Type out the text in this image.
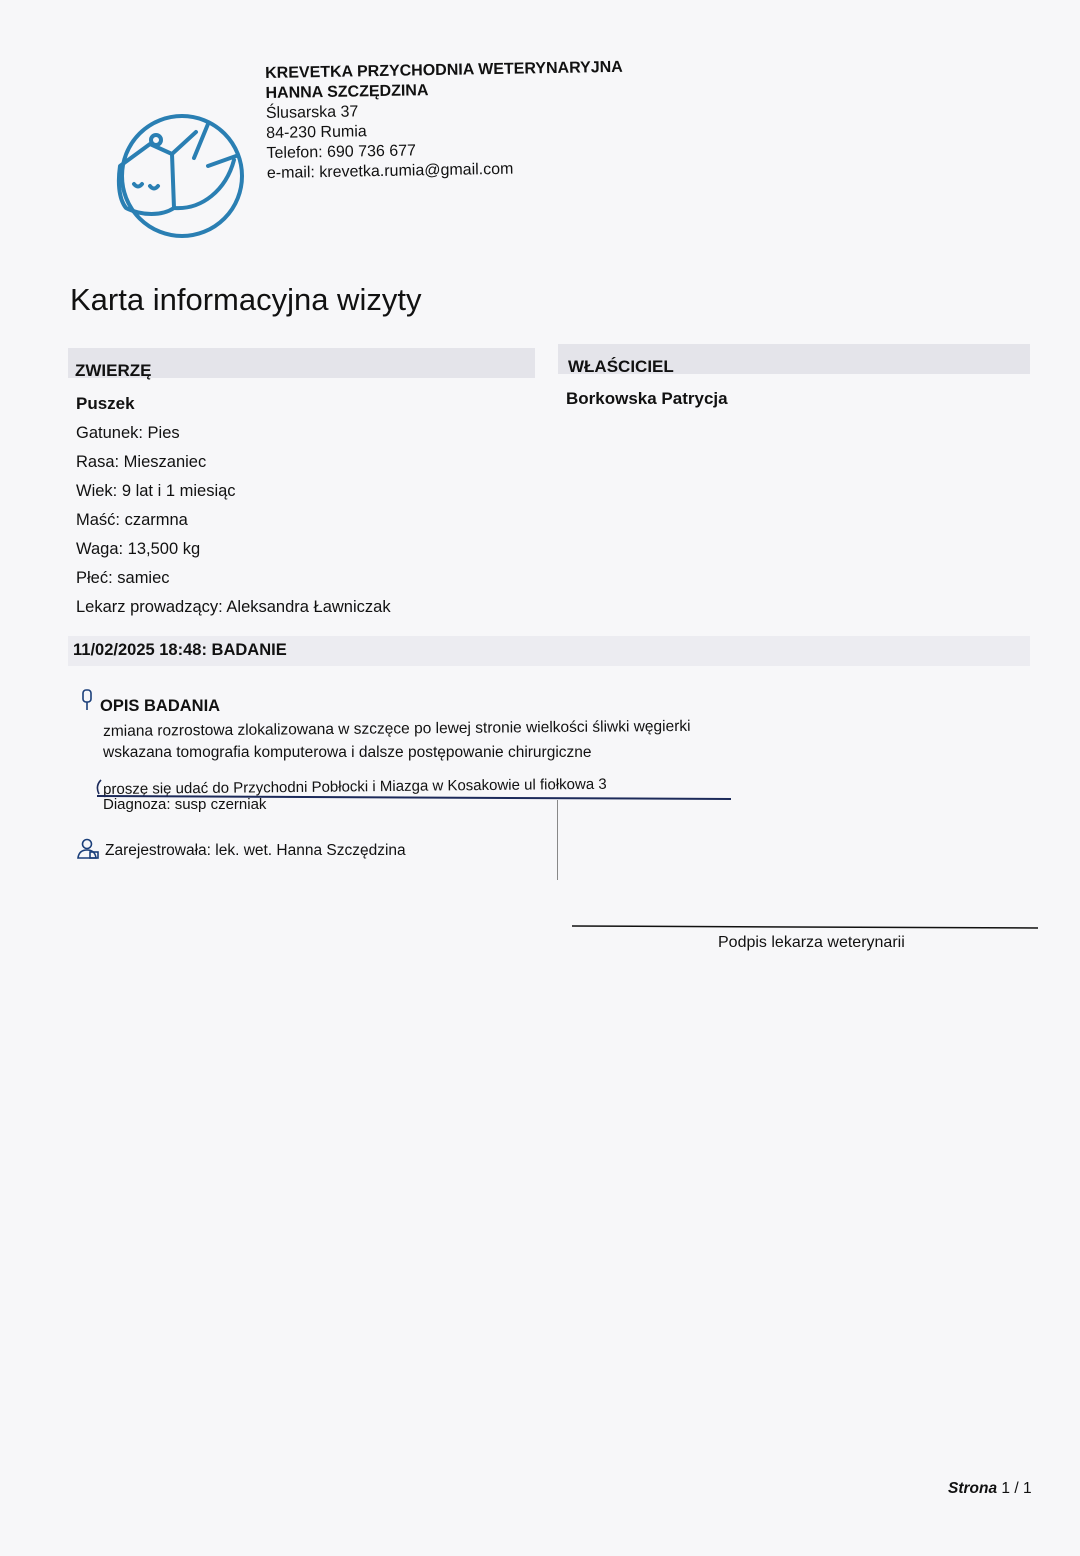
KREVETKA PRZYCHODNIA WETERYNARYJNA
HANNA SZCZĘDZINA
Ślusarska 37
84-230 Rumia
Telefon: 690 736 677
e-mail: krevetka.rumia@gmail.com
Karta informacyjna wizyty
ZWIERZĘ	WŁAŚCICIEL
Puszek
Gatunek: Pies
Rasa: Mieszaniec
Wiek: 9 lat i 1 miesiąc
Maść: czarmna
Waga: 13,500 kg
Płeć: samiec
Lekarz prowadzący: Aleksandra Ławniczak
Borkowska Patrycja
11/02/2025 18:48: BADANIE
OPIS BADANIA
zmiana rozrostowa zlokalizowana w szczęce po lewej stronie wielkości śliwki węgierki
wskazana tomografia komputerowa i dalsze postępowanie chirurgiczne
proszę się udać do Przychodni Pobłocki i Miazga w Kosakowie ul fiołkowa 3
Diagnoza: susp czerniak
Zarejestrowała: lek. wet. Hanna Szczędzina
Podpis lekarza weterynarii
Strona 1 / 1
